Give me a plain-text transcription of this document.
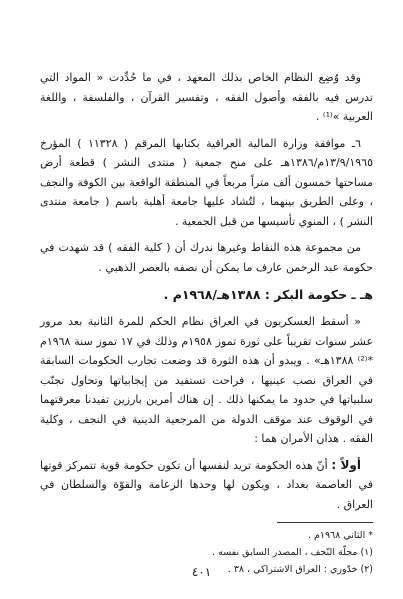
وقد وُضِع النظام الخاص بذلك المعهد ، في ما حُدِّدت « المواد التي تدرس فيه بالفقه وأصول الفقه ، وتفسير القرآن ، والفلسفة ، واللغة العربية »⁽¹⁾ .

٦ـ موافقة وزارة المالية العراقية بكتابها المرقم ( ١١٣٢٨ ) المؤرخ ١٣/٩/١٩٦٥م/١٣٨٦هـ على منح جمعية ( منتدى النشر ) قطعة أرض مساحتها خمسون ألف متراً مربعاً في المنطقة الواقعة بين الكوفة والنجف ، وعلى الطريق بينهما ، لتُشاد عليها جامعة أهلية باسم ( جامعة منتدى النشر ) ، المنوي تأسيسها من قبل الجمعية .

من مجموعة هذه النقاط وغيرها ندرك أن ( كلية الفقه ) قد شهدت في حكومة عبد الرحمن عارف ما يمكن أن نصفه بالعصر الذهبي .

هـ ـ حكومة البكر : ١٣٨٨هـ/١٩٦٨م .

« أسقط العسكريون في العراق نظام الحكم للمرة الثانية بعد مرور عشر سنوات تقريباً على ثورة تموز ١٩٥٨م وذلك في ١٧ تموز سنة ١٩٦٨م *⁽²⁾ ١٣٨٨هـ» . ويبدو أن هذه الثورة قد وضعت تجارب الحكومات السابقة في العراق نصب عينيها ، فراحت تستفيد من إيجابياتها وتحاول تجنّب سلبياتها في حدود ما يمكنها ذلك . إن هناك أمرين بارزين تفيدنا معرفتهما في الوقوف عند موقف الدولة من المرجعية الدينية في النجف ، وكلية الفقه . هذان الأمران هما :

أولاً : أنّ هذه الحكومة تريد لنفسها أن تكون حكومة قوية تتمركز قوتها في العاصمة بغداد ، ويكون لها وحدها الزعامة والقوّة والسلطان في العراق .

* الثاني ١٩٦٨م .
(١) مجلّة النّجف ، المصدر السابق نفسه .
(٢) خدّوري : العراق الاشتراكي ، ٣٨ .
٤٠١
